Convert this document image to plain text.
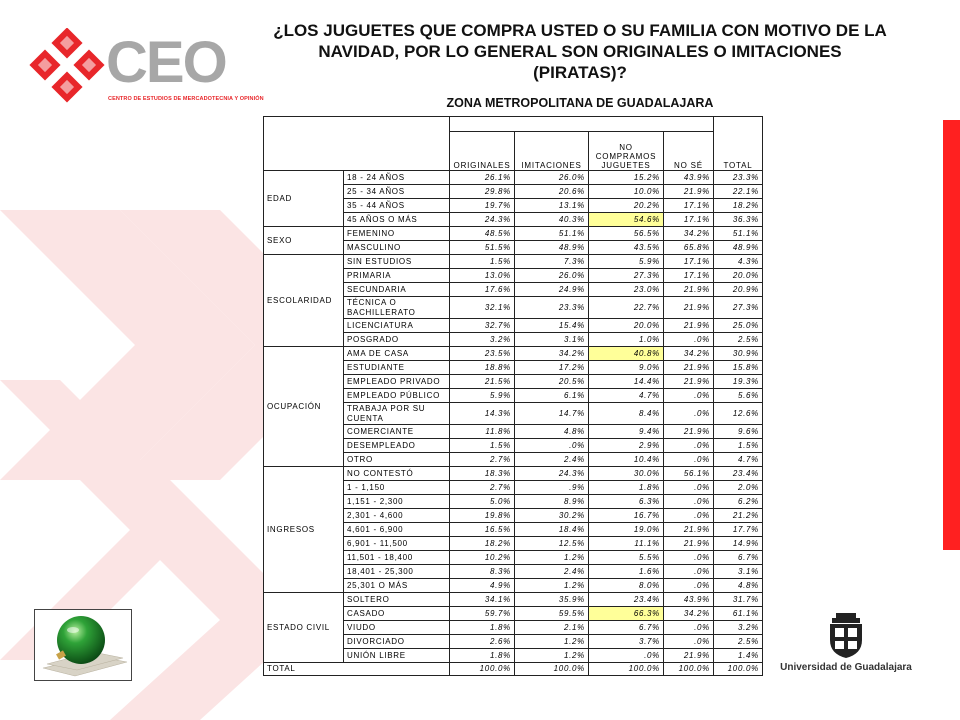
CEO
CENTRO DE ESTUDIOS DE MERCADOTECNIA Y OPINIÓN
¿LOS JUGUETES QUE COMPRA USTED O SU FAMILIA CON MOTIVO DE LA NAVIDAD, POR LO GENERAL SON ORIGINALES O IMITACIONES (PIRATAS)?
ZONA METROPOLITANA DE GUADALAJARA
Universidad de Guadalajara
						TOTAL
		ORIGINALES	IMITACIONES	NO COMPRAMOS JUGUETES	NO SÉ	
EDAD	18 - 24 AÑOS	26.1%	26.0%	15.2%	43.9%	23.3%
	25 - 34 AÑOS	29.8%	20.6%	10.0%	21.9%	22.1%
	35 - 44 AÑOS	19.7%	13.1%	20.2%	17.1%	18.2%
	45 AÑOS O MÁS	24.3%	40.3%	54.6%	17.1%	36.3%
SEXO	FEMENINO	48.5%	51.1%	56.5%	34.2%	51.1%
	MASCULINO	51.5%	48.9%	43.5%	65.8%	48.9%
ESCOLARIDAD	SIN ESTUDIOS	1.5%	7.3%	5.9%	17.1%	4.3%
	PRIMARIA	13.0%	26.0%	27.3%	17.1%	20.0%
	SECUNDARIA	17.6%	24.9%	23.0%	21.9%	20.9%
	TÉCNICA O BACHILLERATO	32.1%	23.3%	22.7%	21.9%	27.3%
	LICENCIATURA	32.7%	15.4%	20.0%	21.9%	25.0%
	POSGRADO	3.2%	3.1%	1.0%	.0%	2.5%
OCUPACIÓN	AMA DE CASA	23.5%	34.2%	40.8%	34.2%	30.9%
	ESTUDIANTE	18.8%	17.2%	9.0%	21.9%	15.8%
	EMPLEADO PRIVADO	21.5%	20.5%	14.4%	21.9%	19.3%
	EMPLEADO PÚBLICO	5.9%	6.1%	4.7%	.0%	5.6%
	TRABAJA POR SU CUENTA	14.3%	14.7%	8.4%	.0%	12.6%
	COMERCIANTE	11.8%	4.8%	9.4%	21.9%	9.6%
	DESEMPLEADO	1.5%	.0%	2.9%	.0%	1.5%
	OTRO	2.7%	2.4%	10.4%	.0%	4.7%
INGRESOS	NO CONTESTÓ	18.3%	24.3%	30.0%	56.1%	23.4%
	1 - 1,150	2.7%	.9%	1.8%	.0%	2.0%
	1,151 - 2,300	5.0%	8.9%	6.3%	.0%	6.2%
	2,301 - 4,600	19.8%	30.2%	16.7%	.0%	21.2%
	4,601 - 6,900	16.5%	18.4%	19.0%	21.9%	17.7%
	6,901 - 11,500	18.2%	12.5%	11.1%	21.9%	14.9%
	11,501 - 18,400	10.2%	1.2%	5.5%	.0%	6.7%
	18,401 - 25,300	8.3%	2.4%	1.6%	.0%	3.1%
	25,301 O MÁS	4.9%	1.2%	8.0%	.0%	4.8%
ESTADO CIVIL	SOLTERO	34.1%	35.9%	23.4%	43.9%	31.7%
	CASADO	59.7%	59.5%	66.3%	34.2%	61.1%
	VIUDO	1.8%	2.1%	6.7%	.0%	3.2%
	DIVORCIADO	2.6%	1.2%	3.7%	.0%	2.5%
	UNIÓN LIBRE	1.8%	1.2%	.0%	21.9%	1.4%
TOTAL		100.0%	100.0%	100.0%	100.0%	100.0%
